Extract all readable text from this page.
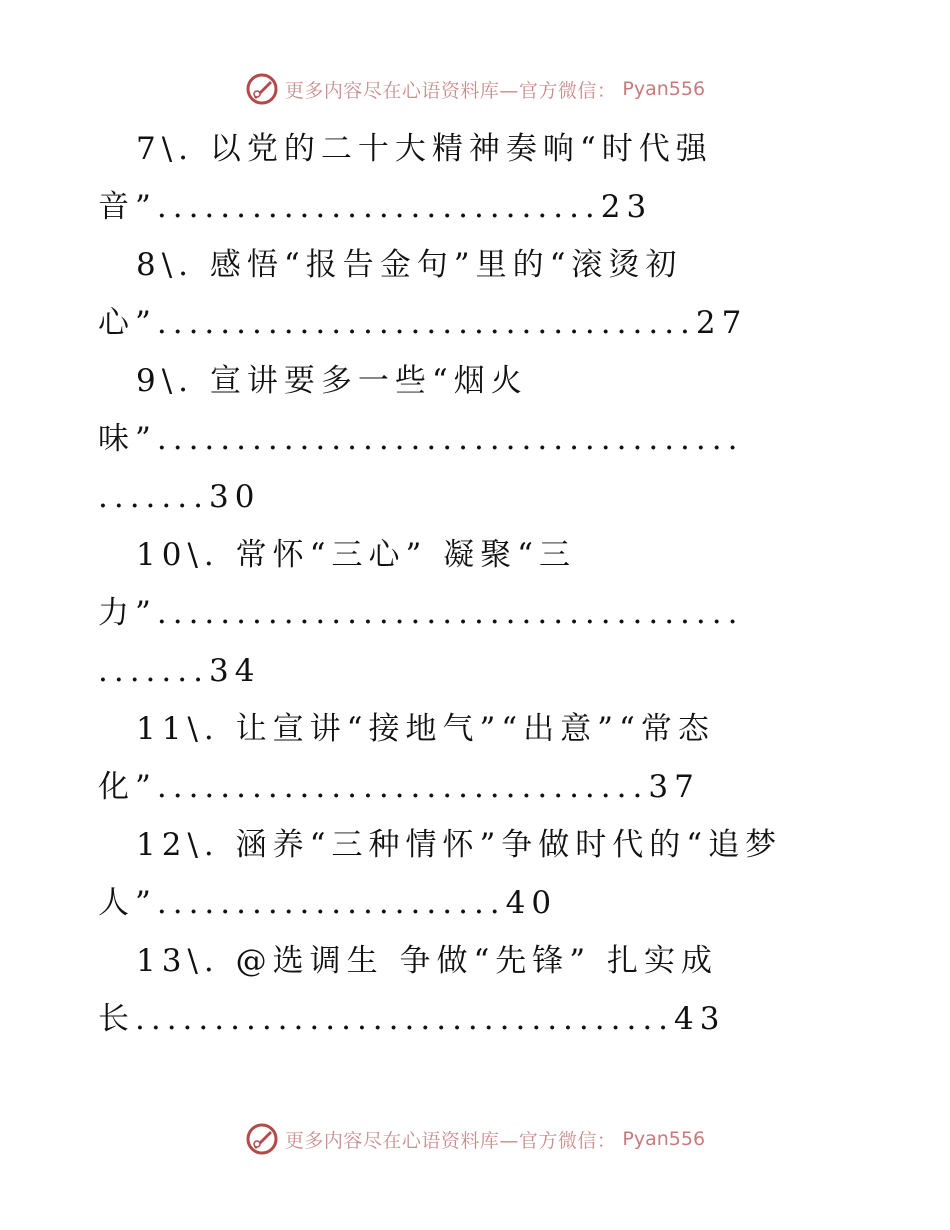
更多内容尽在心语资料库—官方微信： Pyan556
7\. 以党的二十大精神奏响“时代强
音”............................23
8\. 感悟“报告金句”里的“滚烫初
心”..................................27
9\. 宣讲要多一些“烟火
味”.....................................
.......30
10\. 常怀“三心” 凝聚“三
力”.....................................
.......34
11\. 让宣讲“接地气”“出意”“常态
化”...............................37
12\. 涵养“三种情怀”争做时代的“追梦
人”......................40
13\. @选调生 争做“先锋” 扎实成
长..................................43
更多内容尽在心语资料库—官方微信： Pyan556
